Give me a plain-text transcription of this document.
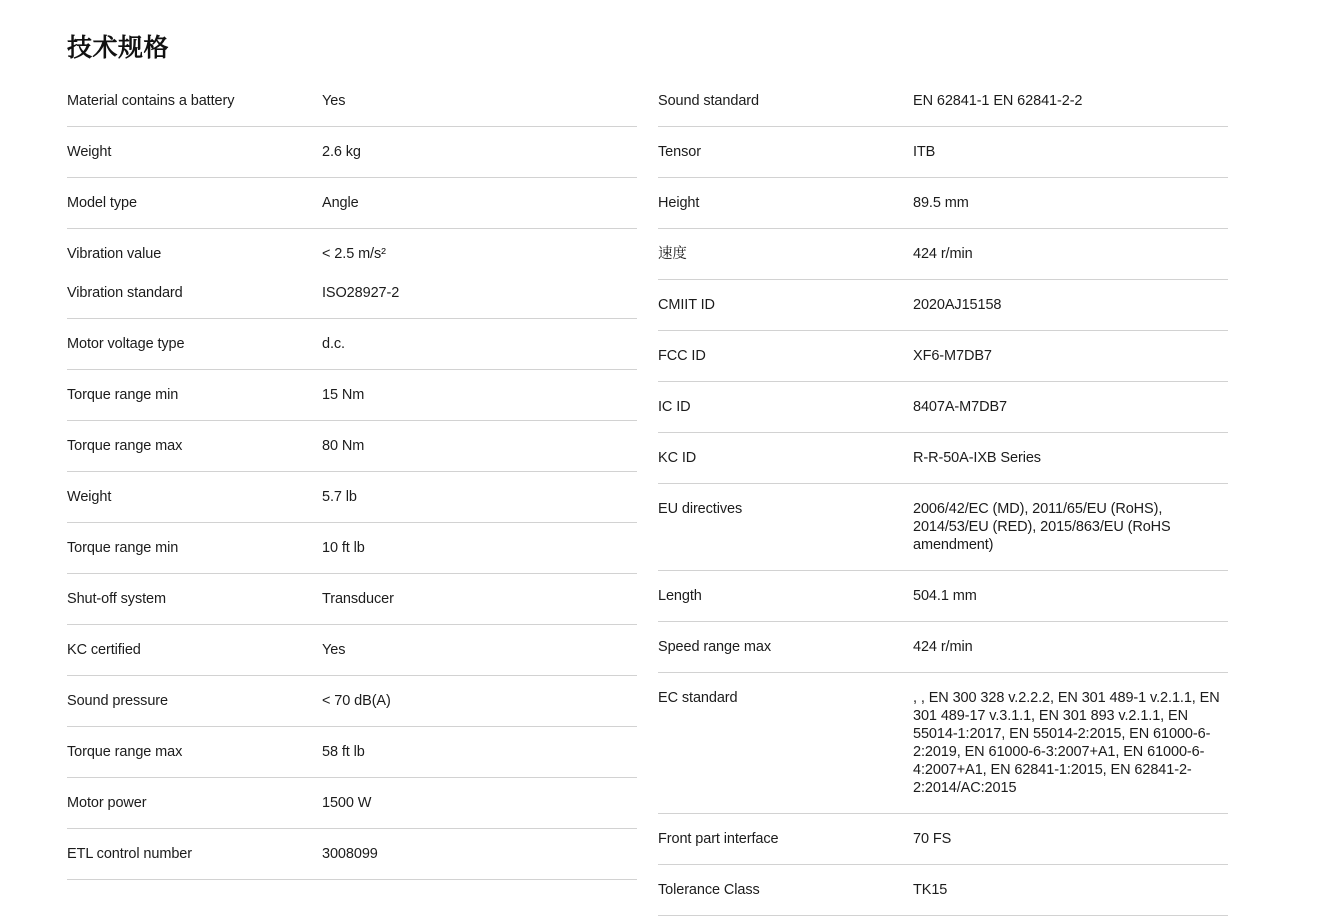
技术规格
Material contains a battery	Yes
Weight	2.6 kg
Model type	Angle
Vibration value	< 2.5 m/s²
Vibration standard	ISO28927-2
Motor voltage type	d.c.
Torque range min	15 Nm
Torque range max	80 Nm
Weight	5.7 lb
Torque range min	10 ft lb
Shut-off system	Transducer
KC certified	Yes
Sound pressure	< 70 dB(A)
Torque range max	58 ft lb
Motor power	1500 W
ETL control number	3008099
Sound standard	EN 62841-1 EN 62841-2-2
Tensor	ITB
Height	89.5 mm
速度	424 r/min
CMIIT ID	2020AJ15158
FCC ID	XF6-M7DB7
IC ID	8407A-M7DB7
KC ID	R-R-50A-IXB Series
EU directives	2006/42/EC (MD), 2011/65/EU (RoHS), 2014/53/EU (RED), 2015/863/EU (RoHS amendment)
Length	504.1 mm
Speed range max	424 r/min
EC standard	, , EN 300 328 v.2.2.2, EN 301 489-1 v.2.1.1, EN 301 489-17 v.3.1.1, EN 301 893 v.2.1.1, EN 55014-1:2017, EN 55014-2:2015, EN 61000-6-2:2019, EN 61000-6-3:2007+A1, EN 61000-6-4:2007+A1, EN 62841-1:2015, EN 62841-2-2:2014/AC:2015
Front part interface	70 FS
Tolerance Class	TK15
